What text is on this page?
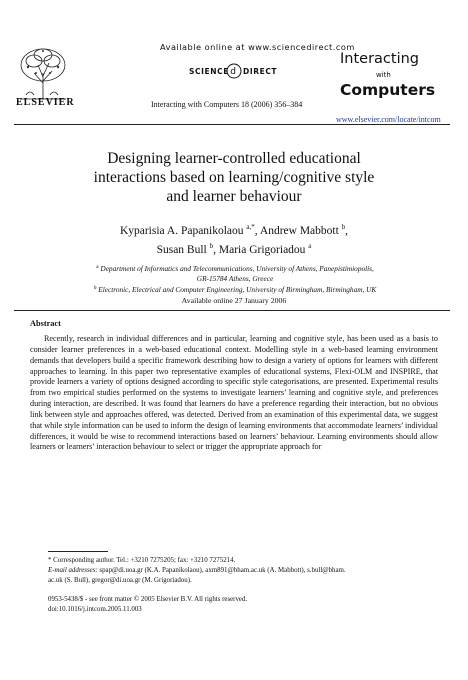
ELSEVIER
Available online at www.sciencedirect.com
SCIENCE d DIRECT
Interacting with Computers 18 (2006) 356–384
Interacting
with
Computers
www.elsevier.com/locate/intcom
Designing learner-controlled educational
interactions based on learning/cognitive style
and learner behaviour
Kyparisia A. Papanikolaou $^{a,*}$, Andrew Mabbott $^b$,
Susan Bull $^b$, Maria Grigoriadou $^a$
$^a$ Department of Informatics and Telecommunications, University of Athens, Panepistimiopolis,
GR-15784 Athens, Greece
$^b$ Electronic, Electrical and Computer Engineering, University of Birmingham, Birmingham, UK
Available online 27 January 2006
Abstract
Recently, research in individual differences and in particular, learning and cognitive style, has been used as a basis to consider learner preferences in a web-based educational context. Modelling style in a web-based learning environment demands that developers build a specific framework describing how to design a variety of options for learners with different approaches to learning. In this paper two representative examples of educational systems, Flexi-OLM and INSPIRE, that provide learners a variety of options designed according to specific style categorisations, are presented. Experimental results from two empirical studies performed on the systems to investigate learners’ learning and cognitive style, and preferences during interaction, are described. It was found that learners do have a preference regarding their interaction, but no obvious link between style and approaches offered, was detected. Derived from an examination of this experimental data, we suggest that while style information can be used to inform the design of learning environments that accommodate learners’ individual differences, it would be wise to recommend interactions based on learners’ behaviour. Learning environments should allow learners or learners’ interaction behaviour to select or trigger the appropriate approach for
* Corresponding author. Tel.: +3210 7275205; fax: +3210 7275214.
E-mail addresses: spap@di.uoa.gr (K.A. Papanikolaou), axm891@bham.ac.uk (A. Mabbott), s.bull@bham.
ac.uk (S. Bull), gregor@di.uoa.gr (M. Grigoriadou).
0953-5438/$ - see front matter © 2005 Elsevier B.V. All rights reserved.
doi:10.1016/j.intcom.2005.11.003
